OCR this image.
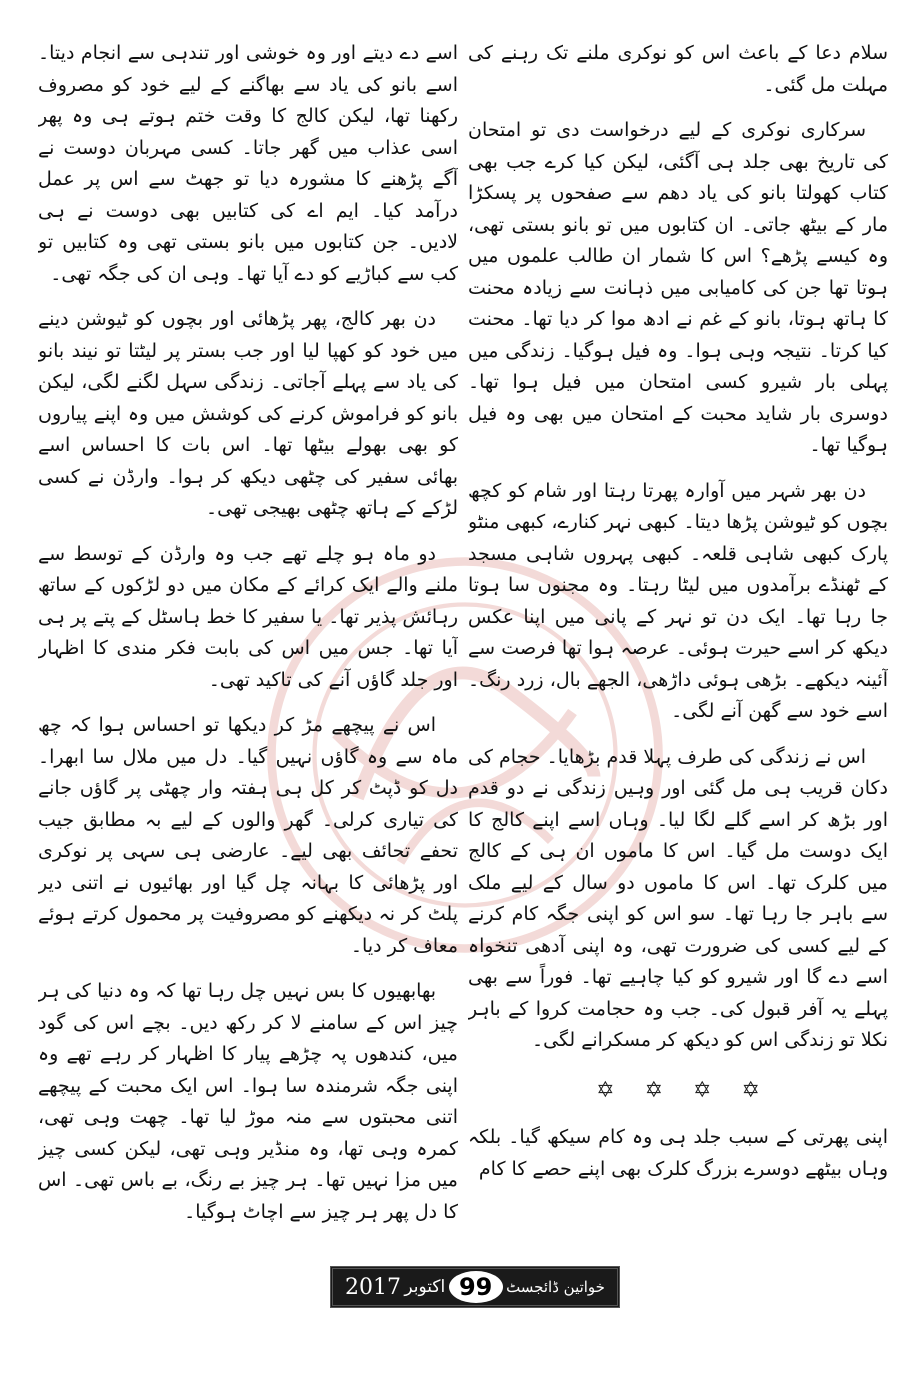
سلام دعا کے باعث اس کو نوکری ملنے تک رہنے کی مہلت مل گئی۔

سرکاری نوکری کے لیے درخواست دی تو امتحان کی تاریخ بھی جلد ہی آگئی، لیکن کیا کرے جب بھی کتاب کھولتا بانو کی یاد دھم سے صفحوں پر پسکڑا مار کے بیٹھ جاتی۔ ان کتابوں میں تو بانو بستی تھی، وہ کیسے پڑھے؟ اس کا شمار ان طالب علموں میں ہوتا تھا جن کی کامیابی میں ذہانت سے زیادہ محنت کا ہاتھ ہوتا، بانو کے غم نے ادھ موا کر دیا تھا۔ محنت کیا کرتا۔ نتیجہ وہی ہوا۔ وہ فیل ہوگیا۔ زندگی میں پہلی بار شیرو کسی امتحان میں فیل ہوا تھا۔ دوسری بار شاید محبت کے امتحان میں بھی وہ فیل ہوگیا تھا۔

دن بھر شہر میں آوارہ پھرتا رہتا اور شام کو کچھ بچوں کو ٹیوشن پڑھا دیتا۔ کبھی نہر کنارے، کبھی منٹو پارک کبھی شاہی قلعہ۔ کبھی پہروں شاہی مسجد کے ٹھنڈے برآمدوں میں لیٹا رہتا۔ وہ مجنوں سا ہوتا جا رہا تھا۔ ایک دن تو نہر کے پانی میں اپنا عکس دیکھ کر اسے حیرت ہوئی۔ عرصہ ہوا تھا فرصت سے آئینہ دیکھے۔ بڑھی ہوئی داڑھی، الجھے بال، زرد رنگ۔ اسے خود سے گھن آنے لگی۔

اس نے زندگی کی طرف پہلا قدم بڑھایا۔ حجام کی دکان قریب ہی مل گئی اور وہیں زندگی نے دو قدم اور بڑھ کر اسے گلے لگا لیا۔ وہاں اسے اپنے کالج کا ایک دوست مل گیا۔ اس کا ماموں ان ہی کے کالج میں کلرک تھا۔ اس کا ماموں دو سال کے لیے ملک سے باہر جا رہا تھا۔ سو اس کو اپنی جگہ کام کرنے کے لیے کسی کی ضرورت تھی، وہ اپنی آدھی تنخواہ اسے دے گا اور شیرو کو کیا چاہیے تھا۔ فوراً سے بھی پہلے یہ آفر قبول کی۔ جب وہ حجامت کروا کے باہر نکلا تو زندگی اس کو دیکھ کر مسکرانے لگی۔

✡ ✡ ✡ ✡

اپنی پھرتی کے سبب جلد ہی وہ کام سیکھ گیا۔ بلکہ وہاں بیٹھے دوسرے بزرگ کلرک بھی اپنے حصے کا کام

اسے دے دیتے اور وہ خوشی اور تندہی سے انجام دیتا۔ اسے بانو کی یاد سے بھاگنے کے لیے خود کو مصروف رکھنا تھا، لیکن کالج کا وقت ختم ہوتے ہی وہ پھر اسی عذاب میں گھر جاتا۔ کسی مہربان دوست نے آگے پڑھنے کا مشورہ دیا تو جھٹ سے اس پر عمل درآمد کیا۔ ایم اے کی کتابیں بھی دوست نے ہی لادیں۔ جن کتابوں میں بانو بستی تھی وہ کتابیں تو کب سے کباڑیے کو دے آیا تھا۔ وہی ان کی جگہ تھی۔

دن بھر کالج، پھر پڑھائی اور بچوں کو ٹیوشن دینے میں خود کو کھپا لیا اور جب بستر پر لیٹتا تو نیند بانو کی یاد سے پہلے آجاتی۔ زندگی سہل لگنے لگی، لیکن بانو کو فراموش کرنے کی کوشش میں وہ اپنے پیاروں کو بھی بھولے بیٹھا تھا۔ اس بات کا احساس اسے بھائی سفیر کی چٹھی دیکھ کر ہوا۔ وارڈن نے کسی لڑکے کے ہاتھ چٹھی بھیجی تھی۔

دو ماہ ہو چلے تھے جب وہ وارڈن کے توسط سے ملنے والے ایک کرائے کے مکان میں دو لڑکوں کے ساتھ رہائش پذیر تھا۔ یا سفیر کا خط ہاسٹل کے پتے پر ہی آیا تھا۔ جس میں اس کی بابت فکر مندی کا اظہار اور جلد گاؤں آنے کی تاکید تھی۔

اس نے پیچھے مڑ کر دیکھا تو احساس ہوا کہ چھ ماہ سے وہ گاؤں نہیں گیا۔ دل میں ملال سا ابھرا۔ دل کو ڈپٹ کر کل ہی ہفتہ وار چھٹی پر گاؤں جانے کی تیاری کرلی۔ گھر والوں کے لیے بہ مطابق جیب تحفے تحائف بھی لیے۔ عارضی ہی سہی پر نوکری اور پڑھائی کا بہانہ چل گیا اور بھائیوں نے اتنی دیر پلٹ کر نہ دیکھنے کو مصروفیت پر محمول کرتے ہوئے معاف کر دیا۔

بھابھیوں کا بس نہیں چل رہا تھا کہ وہ دنیا کی ہر چیز اس کے سامنے لا کر رکھ دیں۔ بچے اس کی گود میں، کندھوں پہ چڑھے پیار کا اظہار کر رہے تھے وہ اپنی جگہ شرمندہ سا ہوا۔ اس ایک محبت کے پیچھے اتنی محبتوں سے منہ موڑ لیا تھا۔ چھت وہی تھی، کمرہ وہی تھا، وہ منڈیر وہی تھی، لیکن کسی چیز میں مزا نہیں تھا۔ ہر چیز بے رنگ، بے باس تھی۔ اس کا دل پھر ہر چیز سے اچاٹ ہوگیا۔

2017 اکتوبر 99 خواتین ڈائجسٹ
